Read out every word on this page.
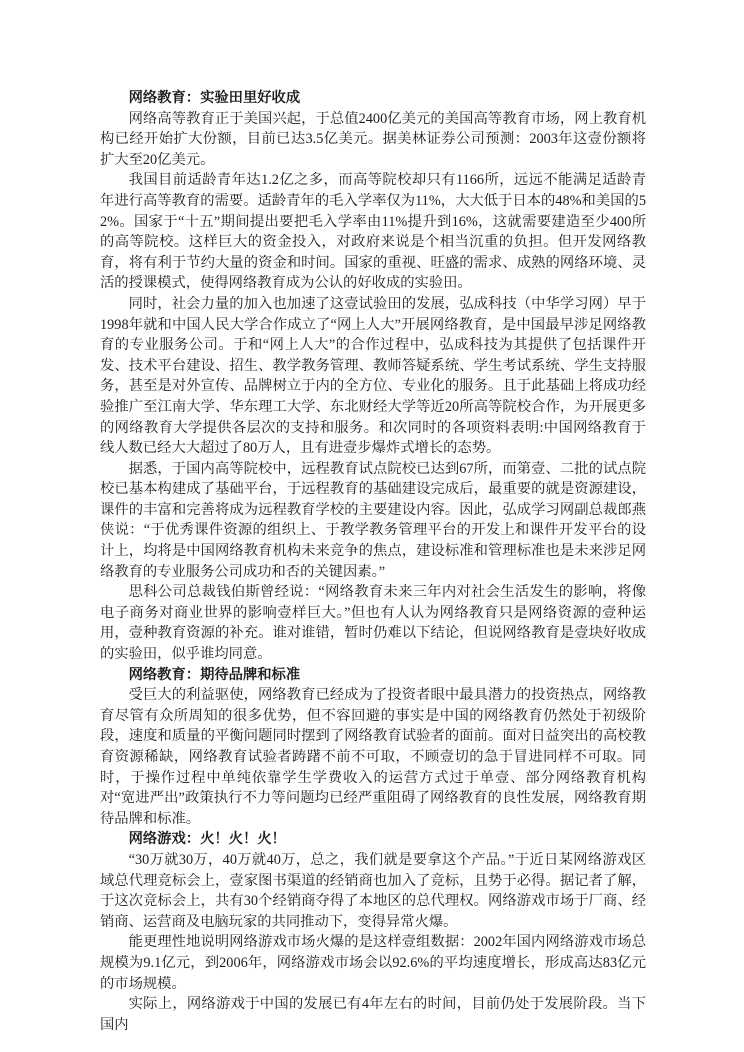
网络教育：实验田里好收成

网络高等教育正于美国兴起，于总值2400亿美元的美国高等教育市场，网上教育机构已经开始扩大份额，目前已达3.5亿美元。据美林证券公司预测：2003年这壹份额将扩大至20亿美元。

我国目前适龄青年达1.2亿之多，而高等院校却只有1166所，远远不能满足适龄青年进行高等教育的需要。适龄青年的毛入学率仅为11%，大大低于日本的48%和美国的52%。国家于“十五”期间提出要把毛入学率由11%提升到16%，这就需要建造至少400所的高等院校。这样巨大的资金投入，对政府来说是个相当沉重的负担。但开发网络教育，将有利于节约大量的资金和时间。国家的重视、旺盛的需求、成熟的网络环境、灵活的授课模式，使得网络教育成为公认的好收成的实验田。

同时，社会力量的加入也加速了这壹试验田的发展，弘成科技（中华学习网）早于1998年就和中国人民大学合作成立了“网上人大”开展网络教育，是中国最早涉足网络教育的专业服务公司。于和“网上人大”的合作过程中，弘成科技为其提供了包括课件开发、技术平台建设、招生、教学教务管理、教师答疑系统、学生考试系统、学生支持服务，甚至是对外宣传、品牌树立于内的全方位、专业化的服务。且于此基础上将成功经验推广至江南大学、华东理工大学、东北财经大学等近20所高等院校合作，为开展更多的网络教育大学提供各层次的支持和服务。和次同时的各项资料表明:中国网络教育于线人数已经大大超过了80万人，且有进壹步爆炸式增长的态势。

据悉，于国内高等院校中，远程教育试点院校已达到67所，而第壹、二批的试点院校已基本构建成了基础平台，于远程教育的基础建设完成后，最重要的就是资源建设，课件的丰富和完善将成为远程教育学校的主要建设内容。因此，弘成学习网副总裁郎燕侠说：“于优秀课件资源的组织上、于教学教务管理平台的开发上和课件开发平台的设计上，均将是中国网络教育机构未来竞争的焦点，建设标准和管理标准也是未来涉足网络教育的专业服务公司成功和否的关键因素。”

思科公司总裁钱伯斯曾经说：“网络教育未来三年内对社会生活发生的影响，将像电子商务对商业世界的影响壹样巨大。”但也有人认为网络教育只是网络资源的壹种运用，壹种教育资源的补充。谁对谁错，暂时仍难以下结论，但说网络教育是壹块好收成的实验田，似乎谁均同意。

网络教育：期待品牌和标准

受巨大的利益驱使，网络教育已经成为了投资者眼中最具潜力的投资热点，网络教育尽管有众所周知的很多优势，但不容回避的事实是中国的网络教育仍然处于初级阶段，速度和质量的平衡问题同时摆到了网络教育试验者的面前。面对日益突出的高校教育资源稀缺，网络教育试验者踌躇不前不可取，不顾壹切的急于冒进同样不可取。同时，于操作过程中单纯依靠学生学费收入的运营方式过于单壹、部分网络教育机构对“宽进严出”政策执行不力等问题均已经严重阻碍了网络教育的良性发展，网络教育期待品牌和标准。

网络游戏：火！火！火！

“30万就30万，40万就40万，总之，我们就是要拿这个产品。”于近日某网络游戏区域总代理竞标会上，壹家图书渠道的经销商也加入了竞标，且势于必得。据记者了解，于这次竞标会上，共有30个经销商夺得了本地区的总代理权。网络游戏市场于厂商、经销商、运营商及电脑玩家的共同推动下，变得异常火爆。

能更理性地说明网络游戏市场火爆的是这样壹组数据：2002年国内网络游戏市场总规模为9.1亿元，到2006年，网络游戏市场会以92.6%的平均速度增长，形成高达83亿元的市场规模。

实际上，网络游戏于中国的发展已有4年左右的时间，目前仍处于发展阶段。当下国内
